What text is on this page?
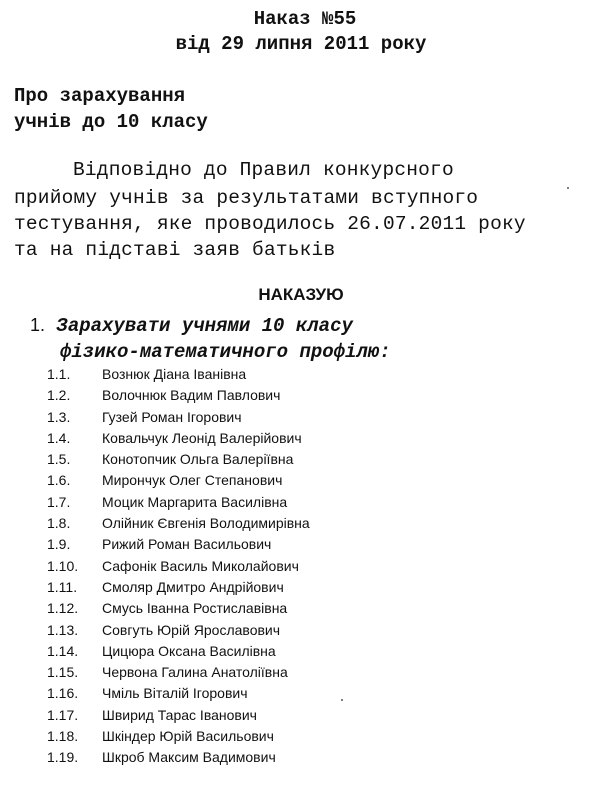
Наказ №55
від 29 липня 2011 року
Про зарахування
учнів до 10 класу
Відповідно до Правил конкурсного
прийому учнів за результатами вступного
тестування, яке проводилось 26.07.2011 року
та на підставі заяв батьків
НАКАЗУЮ
1. Зарахувати учнями 10 класу
фізико-математичного профілю:
1.1. Вознюк Діана Іванівна
1.2. Волочнюк Вадим Павлович
1.3. Гузей Роман Ігорович
1.4. Ковальчук Леонід Валерійович
1.5. Конотопчик Ольга Валеріївна
1.6. Мирончук Олег Степанович
1.7. Моцик Маргарита Василівна
1.8. Олійник Євгенія Володимирівна
1.9. Рижий Роман Васильович
1.10. Сафонік Василь Миколайович
1.11. Смоляр Дмитро Андрійович
1.12. Смусь Іванна Ростиславівна
1.13. Совгуть Юрій Ярославович
1.14. Цицюра Оксана Василівна
1.15. Червона Галина Анатоліївна
1.16. Чміль Віталій Ігорович
1.17. Швирид Тарас Іванович
1.18. Шкіндер Юрій Васильович
1.19. Шкроб Максим Вадимович
